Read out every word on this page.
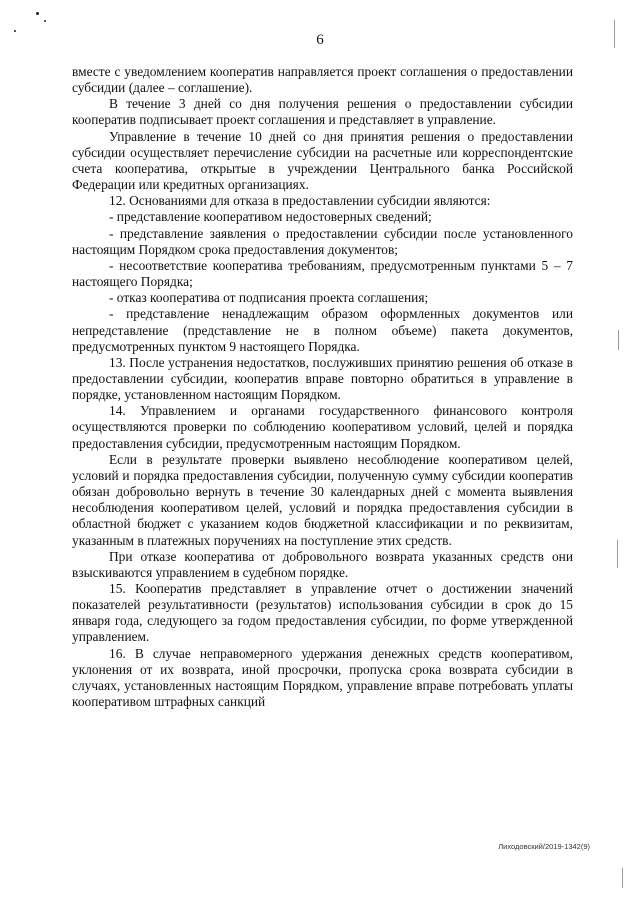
6

вместе с уведомлением кооператив направляется проект соглашения о предоставлении субсидии (далее – соглашение).

В течение 3 дней со дня получения решения о предоставлении субсидии кооператив подписывает проект соглашения и представляет в управление.

Управление в течение 10 дней со дня принятия решения о предоставлении субсидии осуществляет перечисление субсидии на расчетные или корреспондентские счета кооператива, открытые в учреждении Центрального банка Российской Федерации или кредитных организациях.

12. Основаниями для отказа в предоставлении субсидии являются:

- представление кооперативом недостоверных сведений;

- представление заявления о предоставлении субсидии после установленного настоящим Порядком срока предоставления документов;

- несоответствие кооператива требованиям, предусмотренным пунктами 5 – 7 настоящего Порядка;

- отказ кооператива от подписания проекта соглашения;

- представление ненадлежащим образом оформленных документов или непредставление (представление не в полном объеме) пакета документов, предусмотренных пунктом 9 настоящего Порядка.

13. После устранения недостатков, послуживших принятию решения об отказе в предоставлении субсидии, кооператив вправе повторно обратиться в управление в порядке, установленном настоящим Порядком.

14. Управлением и органами государственного финансового контроля осуществляются проверки по соблюдению кооперативом условий, целей и порядка предоставления субсидии, предусмотренным настоящим Порядком.

Если в результате проверки выявлено несоблюдение кооперативом целей, условий и порядка предоставления субсидии, полученную сумму субсидии кооператив обязан добровольно вернуть в течение 30 календарных дней с момента выявления несоблюдения кооперативом целей, условий и порядка предоставления субсидии в областной бюджет с указанием кодов бюджетной классификации и по реквизитам, указанным в платежных поручениях на поступление этих средств.

При отказе кооператива от добровольного возврата указанных средств они взыскиваются управлением в судебном порядке.

15. Кооператив представляет в управление отчет о достижении значений показателей результативности (результатов) использования субсидии в срок до 15 января года, следующего за годом предоставления субсидии, по форме утвержденной управлением.

16. В случае неправомерного удержания денежных средств кооперативом, уклонения от их возврата, иной просрочки, пропуска срока возврата субсидии в случаях, установленных настоящим Порядком, управление вправе потребовать уплаты кооперативом штрафных санкций

Лиходовский/2019-1342(9)
